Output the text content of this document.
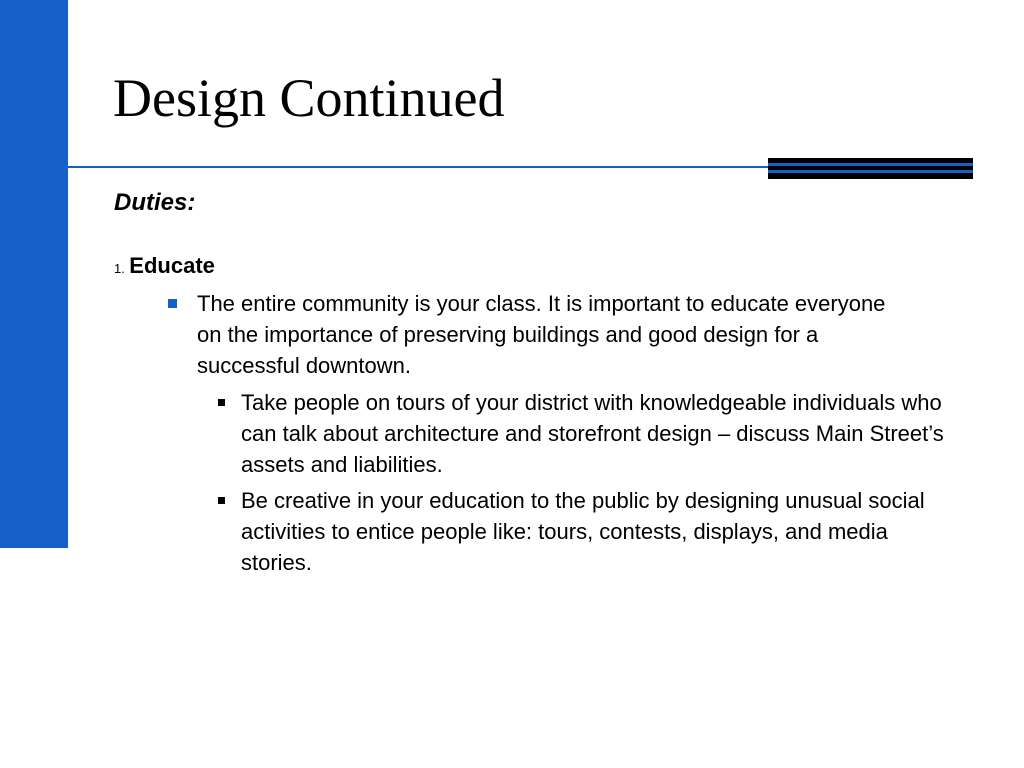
Design Continued
Duties:
1. Educate
The entire community is your class. It is important to educate everyone on the importance of preserving buildings and good design for a successful downtown.
Take people on tours of your district with knowledgeable individuals who can talk about architecture and storefront design – discuss Main Street’s assets and liabilities.
Be creative in your education to the public by designing unusual social activities to entice people like: tours, contests, displays, and media stories.
